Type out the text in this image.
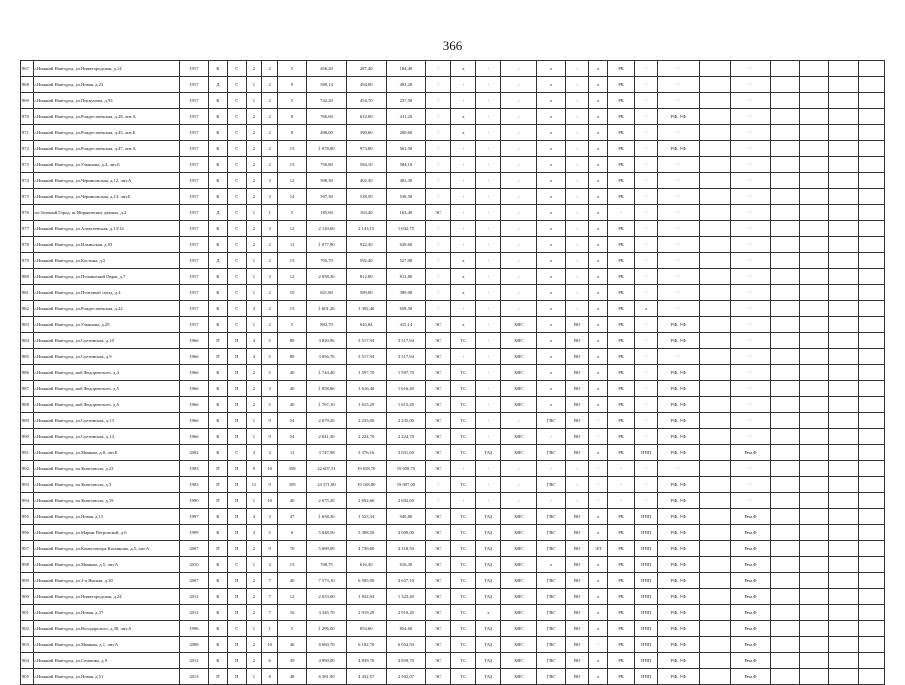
366
867	г.Нижний Новгород, ул.Нижегородская, д.14	1917	К	С	2	2	5	456,20	287,40	184,40	-	х	-	-	х	-	х	РК	-	-		-				
868	г.Нижний Новгород, ул.Новая, д.23	1917	Д	С	1	2	9	589,14	494,90	493,20	-	-	-	-	х	-	х	РК	-	-		-				
869	г.Нижний Новгород, ул.Пискунова, д.93	1917	К	С	1	2	5	742,20	454,70	237,50	-	-	-	-	х	-	х	РК	-	-		-				
870	г.Нижний Новгород, ул.Рождественская, д.28, лит.А	1917	К	С	2	2	8	766,60	632,00	411,20	-	х	-	-	х	-	х	РК	-	РФ, УФ		-				
871	г.Нижний Новгород, ул.Рождественская, д.45, лит.Б	1917	К	С	2	2	8	496,00	390,60	200,60	-	х	-	-	х	-	х	РК	-	-		-				
872	г.Нижний Новгород, ул.Рождественская, д.47, лит.А	1917	К	С	2	2	13	1 078,80	973,80	561,50	-	-	-	-	х	-	х	РК	-	РФ, УФ		-				
873	г.Нижний Новгород, ул.Ульянова, д.4, лит.Б	1917	К	С	2	2	13	750,80	584,10	584,10	-	-	-	-	х	-	х	РК	-	-		-				
874	г.Нижний Новгород, ул.Черниговская, д.12, лит.А	1917	К	С	2	3	12	598,30	402,30	402,30	-	-	-	-	х	-	х	РК	-	-		-				
875	г.Нижний Новгород, ул.Черниговская, д.13, лит.Б	1917	К	С	2	3	14	597,30	538,50	538,50	-	-	-	-	х	-	х	РК	-	-		-				
876	пл.Зеленый Город, ш.Моряковских дачных, д.2	1917	Д	С	1	1	5	185,60	163,40	163,40	ЭС	-	-	-	х	-	х	-	-	-		-				
877	г.Нижний Новгород, ул.Алексеевская, д.13/14	1917	К	С	2	3	12	2 120,60	2 143,15	1 042,75	-	-	-	-	х	-	х	РК	-	-		-				
878	г.Нижний Новгород, ул.Ильинская, д.93	1917	К	С	2	2	11	1 077,90	922,30	639,60	-	-	-	-	х	-	х	РК	-	-		-				
879	г.Нижний Новгород, ул.Костина, д.5	1917	Д	С	1	2	13	705,70	592,40	527,90	-	х	-	-	х	-	х	РК	-	-		-				
880	г.Нижний Новгород, ул.Почаинский Овраг, д.7	1917	К	С	1	3	12	2 058,30	812,80	812,80	-	х	-	-	х	-	х	РК	-	-		-				
881	г.Нижний Новгород, ул.Почтовый съезд, д.4	1917	К	С	1	2	10	821,80	589,90	389,90	-	х	-	-	х	-	х	РК	-	-		-				
882	г.Нижний Новгород, ул.Рождественская, д.22	1917	К	С	3	2	13	1 601,26	1 392,40	658,50	-	-	-	-	х	-	х	РК	х	-		-				
883	г.Нижний Новгород, ул.Ульянова, д.29	1917	К	С	1	2	5	882,70	645,84	415,14	ЭС	х	-	ХВС	х	ВО	х	РК	-	РФ, УФ		-				
884	г.Нижний Новгород, ул.Суетинская, д.10	1966	П	П	4	5	80	3 820,96	3 517,94	3 517,94	ЭС	ТС	-	ХВС	х	ВО	х	РК	-	РФ, УФ		-				
885	г.Нижний Новгород, ул.Суетинская, д.9	1966	П	П	4	5	80	3 856,76	3 517,94	3 517,94	ЭС	-	-	ХВС	х	ВО	х	РК	-	-		-				
886	г.Нижний Новгород, наб.Федоровского, д.4	1966	К	П	2	5	40	1 744,40	1 597,70	1 597,70	ЭС	ТС	-	ХВС	х	ВО	х	РК	-	РФ, УФ		-				
887	г.Нижний Новгород, наб.Федоровского, д.5	1966	К	П	2	3	40	1 858,86	1 616,40	1 616,40	ЭС	ТС	-	ХВС	х	ВО	х	РК	-	РФ, УФ		-				
888	г.Нижний Новгород, наб.Федоровского, д.6	1966	К	П	2	5	40	1 767,10	1 615,29	1 615,29	ЭС	ТС	-	ХВС	х	ВО	х	РК	-	РФ, УФ		-				
889	г.Нижний Новгород, ул.Суетинская, д.13	1966	К	П	1	9	54	2 679,20	2 235,00	2 235,00	ЭС	ТС	-	-	ГВС	ВО	-	РК	-	РФ, УФ		-				
890	г.Нижний Новгород, ул.Суетинская, д.14	1966	К	П	1	9	54	2 641,30	2 224,70	2 224,70	ЭС	ТС	-	ХВС	-	ВО	-	РК	-	РФ, УФ		-				
891	г.Нижний Новгород, ул.Минина, д.8, лит.Б	2002	К	С	3	4	11	3 747,98	3 376,16	3 031,60	ЭС	ТС	ГАЗ	ХВС	ГВС	ВО	х	РК	ППП	РФ, УФ		Рем.Ф				
892	г.Нижний Новгород, пл.Комсомола, д.23	1993	П	П	9	10	358	22 607,51	19 658,70	19 658,70	ЭС	-	-	-	-	-	-	-	-	-		-				
893	г.Нижний Новгород, пл.Комсомола, д.3	1983	П	П	11	9	359	23 371,80	19 168,80	19 097,00	-	ТС	-	-	ГВС	-	-	-	-	РФ, УФ		-				
894	г.Нижний Новгород, пл.Комсомола, д.19	1990	П	П	1	10	40	2 675,20	2 692,66	2 692,60	-	-	-	-	-	-	-	-	-	РФ, УФ		-				
895	г.Нижний Новгород, ул.Новая, д.15	1997	К	П	4	3	47	1 658,30	1 523,34	940,80	ЭС	ТС	ГАЗ	ХВС	ГВС	ВО	х	РК	ППП	РФ, УФ		Рем.Ф				
896	г.Нижний Новгород, ул.Марии Петровской, д.6	1999	К	П	3	5	6	5 848,50	5 308,50	4 000,00	ЭС	ТС	ГАЗ	ХВС	ГВС	ВО	х	РК	ППП	РФ, УФ		Рем.Ф				
897	г.Нижний Новгород, ул.Композитора Касьянова, д.5, лит.А	2007	П	П	2	9	70	5 689,09	4 739,60	4 318,50	ЭС	ТС	ГАЗ	ХВС	ГВС	ВО	ЭЛ	РК	ППП	РФ, УФ		Рем.Ф				
898	г.Нижний Новгород, ул.Минина, д.5, лит.А	2010	К	С	1	4	13	708,75	616,30	616,30	ЭС	ТС	ГАЗ	ХВС	х	ВО	х	РК	ППП	РФ, УФ		Рем.Ф				
899	г.Нижний Новгород, ул.3-я Ямская, д.30	2007	К	П	2	7	40	7 573,10	6 585,90	4 657,10	ЭС	ТС	ГАЗ	ХВС	ГВС	ВО	х	РК	ППП	РФ, УФ		Рем.Ф				
900	г.Нижний Новгород, ул.Нижегородская, д.24	2012	К	П	2	7	12	2 633,00	1 832,94	1 323,40	ЭС	ТС	ГАЗ	ХВС	ГВС	ВО	х	РК	ППП	РФ, УФ		Рем.Ф				
901	г.Нижний Новгород, ул.Новая, д.37	2012	К	П	2	7	16	3 345,70	2 919,29	2 919,20	ЭС	ТС	х	ХВС	ГВС	ВО	х	РК	ППП	РФ, УФ		Рем.Ф				
902	г.Нижний Новгород, ул.Володарского, д.38, лит.А	1996	К	С	1	1	5	1 296,00	854,60	854,60	ЭС	ТС	ГАЗ	ХВС	ГВС	ВО	х	РК	ППП	РФ, УФ		Рем.Ф				
903	г.Нижний Новгород, ул.Минина, д.1, лит.А	2008	К	П	2	10	46	8 660,70	6 182,70	6 054,50	ЭС	ТС	ГАЗ	ХВС	ГВС	ВО	-	РК	ППП	РФ, УФ		Рем.Ф				
904	г.Нижний Новгород, ул.Семашко, д.9	2012	К	П	2	6	39	4 990,09	4 839,70	4 839,70	ЭС	ТС	ГАЗ	ХВС	ГВС	ВО	х	РК	ППП	РФ, УФ		Рем.Ф				
905	г.Нижний Новгород, ул.Новая, д.51	2013	П	П	1	8	48	6 381,90	4 432,57	2 502,07	ЭС	ТС	ГАЗ	ХВС	ГВС	ВО	х	РК	ППП	РФ, УФ		Рем.Ф				
